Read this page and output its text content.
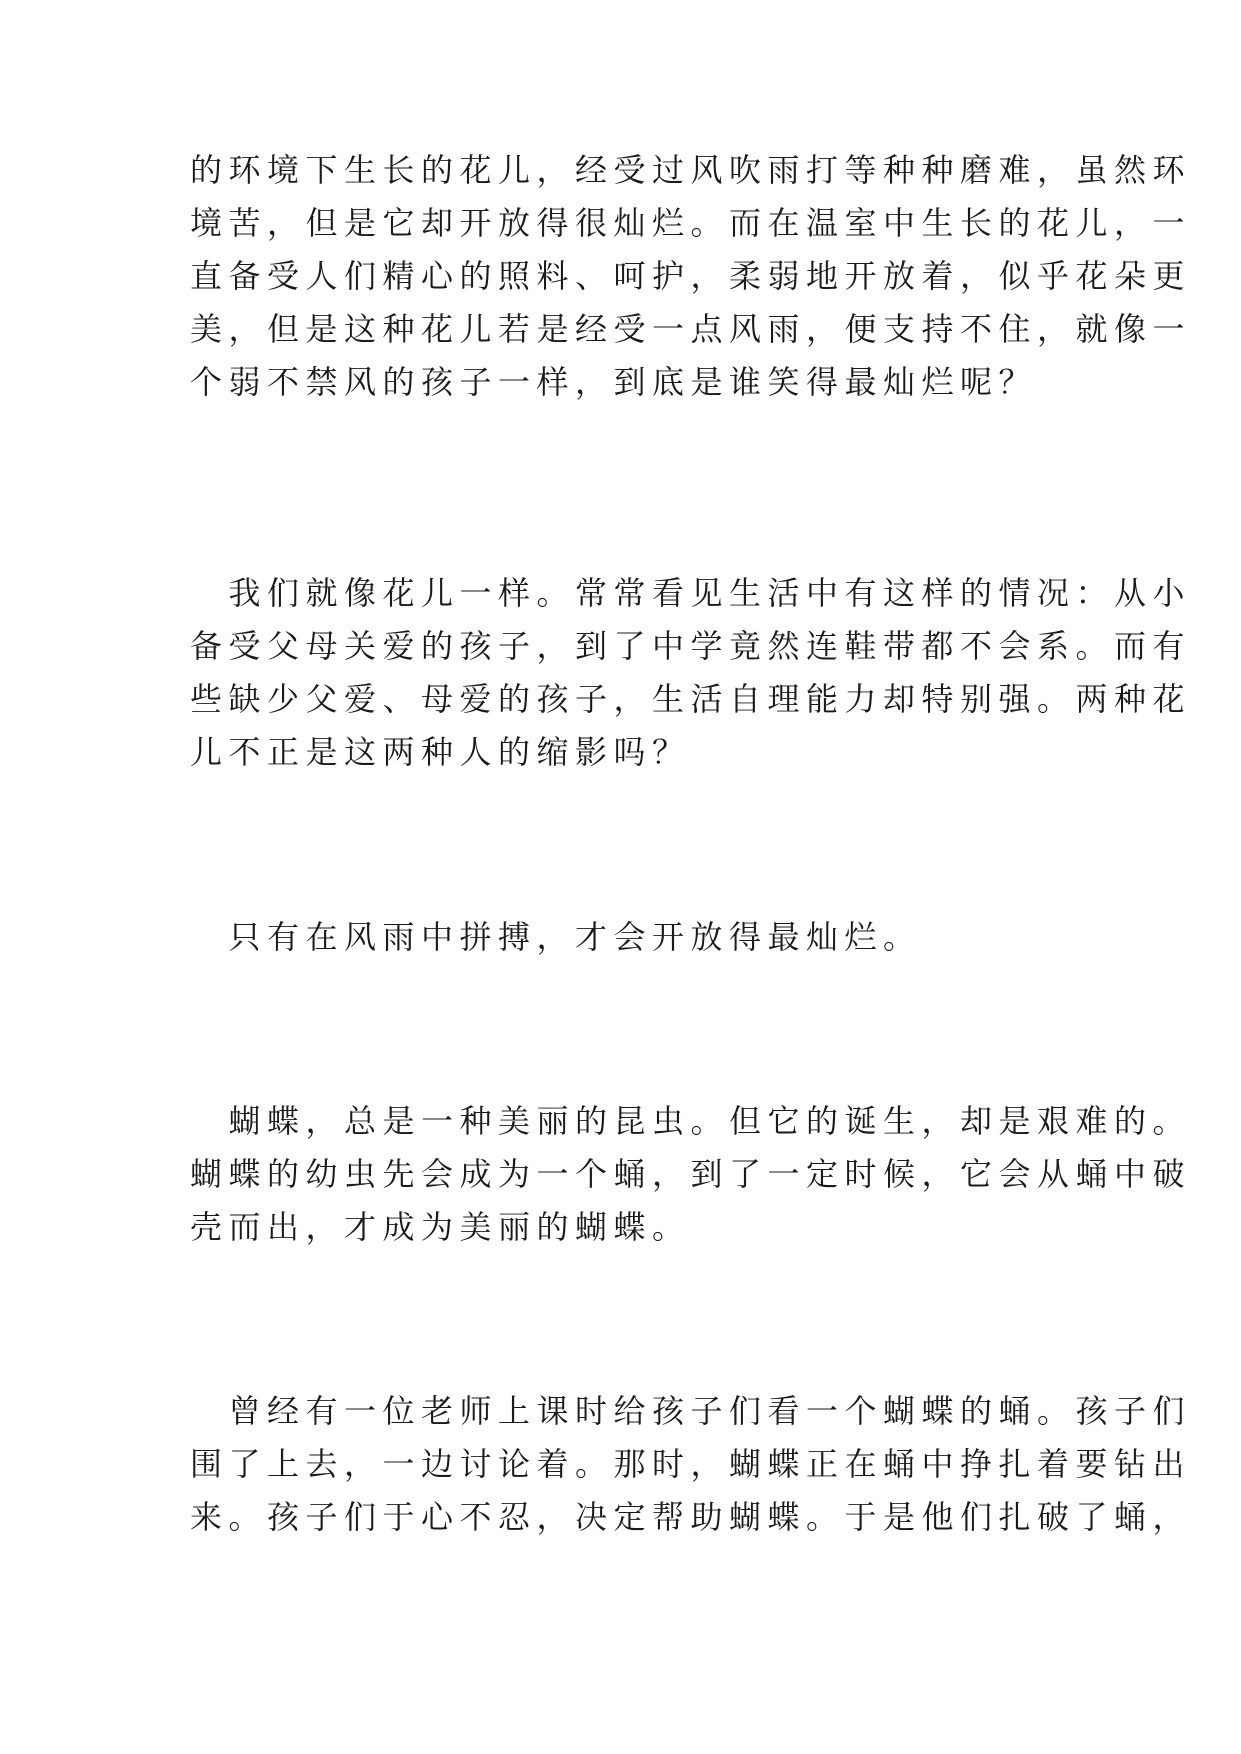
的环境下生长的花儿，经受过风吹雨打等种种磨难，虽然环
境苦，但是它却开放得很灿烂。而在温室中生长的花儿，一
直备受人们精心的照料、呵护，柔弱地开放着，似乎花朵更
美，但是这种花儿若是经受一点风雨，便支持不住，就像一
个弱不禁风的孩子一样，到底是谁笑得最灿烂呢？
　我们就像花儿一样。常常看见生活中有这样的情况：从小
备受父母关爱的孩子，到了中学竟然连鞋带都不会系。而有
些缺少父爱、母爱的孩子，生活自理能力却特别强。两种花
儿不正是这两种人的缩影吗？
　只有在风雨中拼搏，才会开放得最灿烂。
　蝴蝶，总是一种美丽的昆虫。但它的诞生，却是艰难的。
蝴蝶的幼虫先会成为一个蛹，到了一定时候，它会从蛹中破
壳而出，才成为美丽的蝴蝶。
　曾经有一位老师上课时给孩子们看一个蝴蝶的蛹。孩子们
围了上去，一边讨论着。那时，蝴蝶正在蛹中挣扎着要钻出
来。孩子们于心不忍，决定帮助蝴蝶。于是他们扎破了蛹，
